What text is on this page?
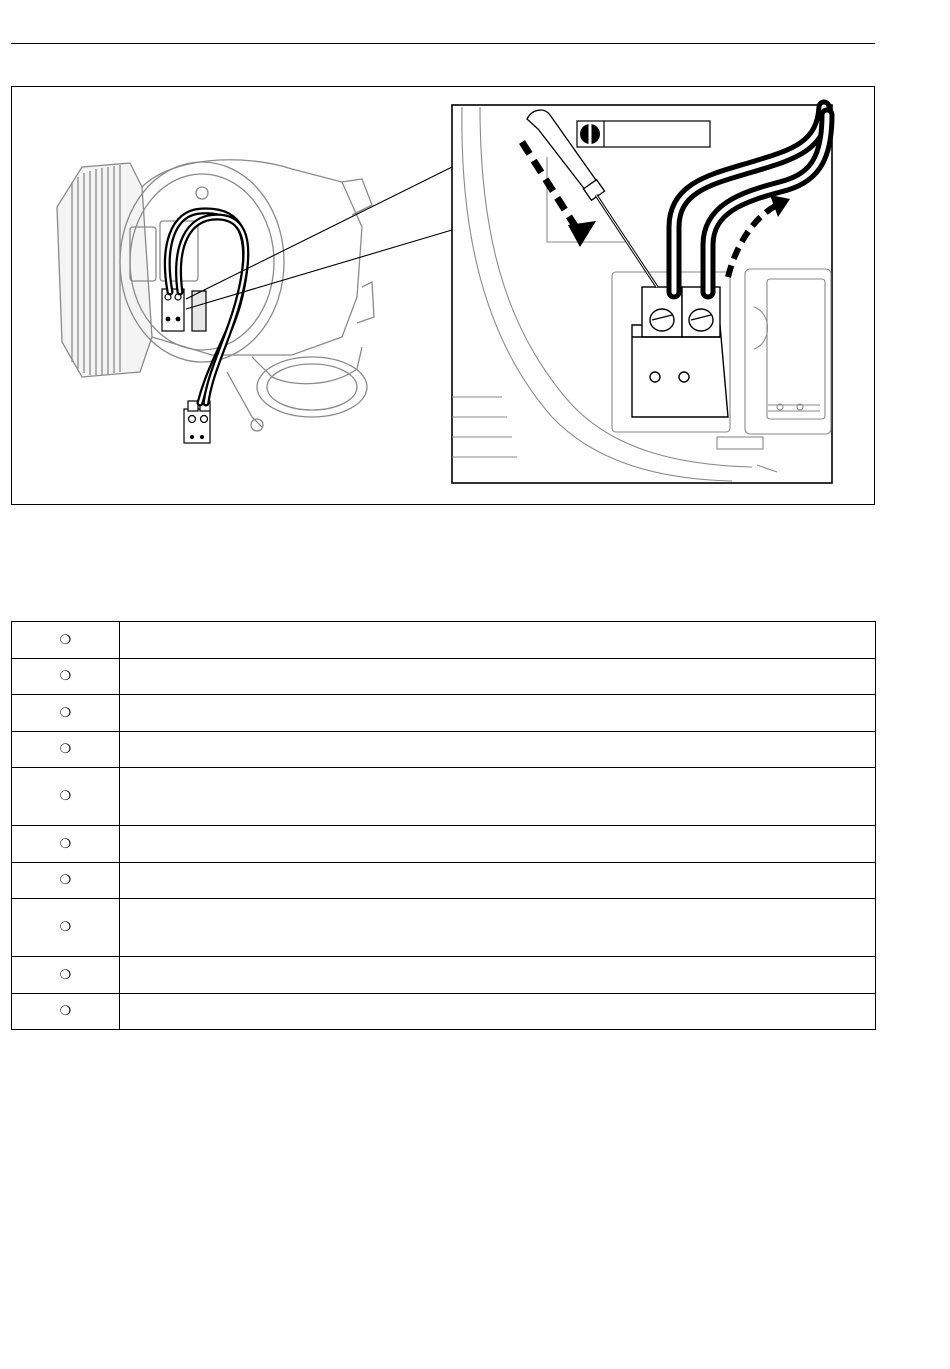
❍	
❍	
❍	
❍	
❍	
❍	
❍	
❍	
❍	
❍	
